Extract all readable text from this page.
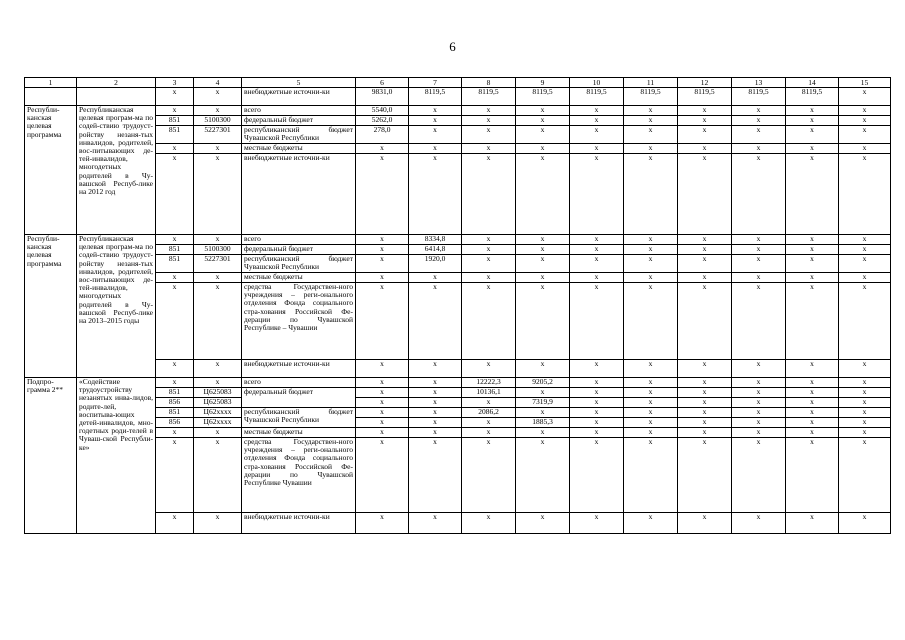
6
1	2	3	4	5	6	7	8	9	10	11	12	13	14	15
		x	x	внебюджетные источни-ки	9831,0	8119,5	8119,5	8119,5	8119,5	8119,5	8119,5	8119,5	8119,5	x
Республи-канская целевая программа	Республиканская целевая програм-ма по содей-ствию трудоуст-ройству незаня-тых инвалидов, родителей, вос-питывающих де-тей-инвалидов, многодетных родителей в Чу-вашской Респуб-лике на 2012 год	x	x	всего	5540,0	x	x	x	x	x	x	x	x	x
		851	5100300	федеральный бюджет	5262,0	x	x	x	x	x	x	x	x	x
		851	5227301	республиканский бюджет Чувашской Республики	278,0	x	x	x	x	x	x	x	x	x
		x	x	местные бюджеты	x	x	x	x	x	x	x	x	x	x
		x	x	внебюджетные источни-ки	x	x	x	x	x	x	x	x	x	x
Республи-канская целевая программа	Республиканская целевая програм-ма по содей-ствию трудоуст-ройству незаня-тых инвалидов, родителей, вос-питывающих де-тей-инвалидов, многодетных родителей в Чу-вашской Респуб-лике на 2013–2015 годы	x	x	всего	x	8334,8	x	x	x	x	x	x	x	x
		851	5100300	федеральный бюджет	x	6414,8	x	x	x	x	x	x	x	x
		851	5227301	республиканский бюджет Чувашской Республики	x	1920,0	x	x	x	x	x	x	x	x
		x	x	местные бюджеты	x	x	x	x	x	x	x	x	x	x
		x	x	средства Государствен-ного учреждения – реги-онального отделения Фонда социального стра-хования Российской Фе-дерации по Чувашской Республике – Чувашии	x	x	x	x	x	x	x	x	x	x
		x	x	внебюджетные источни-ки	x	x	x	x	x	x	x	x	x	x
Подпро-грамма 2**	«Содействие трудоустройству незанятых инва-лидов, родите-лей, воспитыва-ющих детей-инвалидов, мно-годетных роди-телей в Чуваш-ской Республи-ке»	x	x	всего	x	x	12222,3	9205,2	x	x	x	x	x	x
		851	Ц625083	федеральный бюджет	x	x	10136,1	x	x	x	x	x	x	x
		856	Ц625083		x	x	x	7319,9	x	x	x	x	x	x
		851	Ц62xxxx	республиканский бюджет Чувашской Республики	x	x	2086,2	x	x	x	x	x	x	x
		856	Ц62xxxx		x	x	x	1885,3	x	x	x	x	x	x
		x	x	местные бюджеты	x	x	x	x	x	x	x	x	x	x
		x	x	средства Государствен-ного учреждения – реги-онального отделения Фонда социального стра-хования Российской Фе-дерации по Чувашской Республике Чувашии	x	x	x	x	x	x	x	x	x	x
		x	x	внебюджетные источни-ки	x	x	x	x	x	x	x	x	x	x
